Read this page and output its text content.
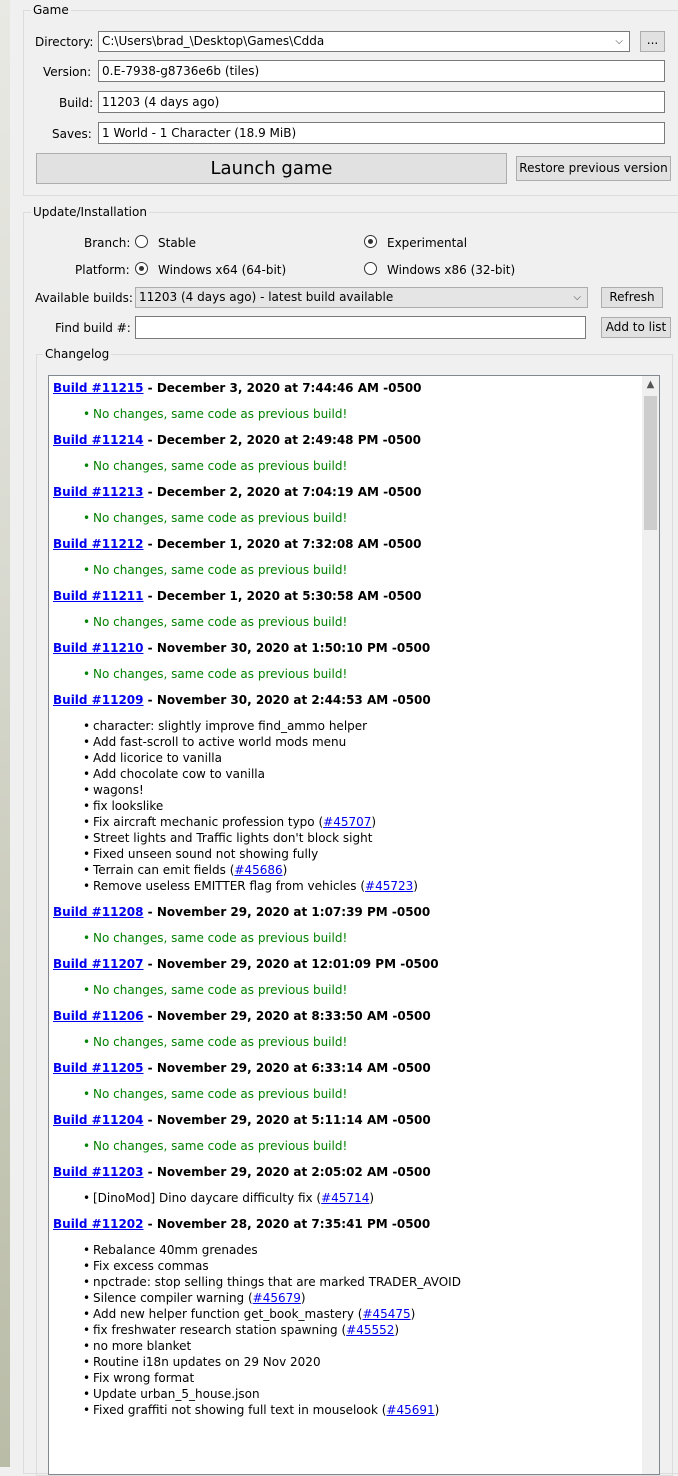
Game
Directory: C:\Users\brad_\Desktop\Games\Cdda	⌵	...
Version: 0.E-7938-g8736e6b (tiles)
Build: 11203 (4 days ago)
Saves: 1 World - 1 Character (18.9 MiB)
Launch game	Restore previous version
Update/Installation
Branch: Stable	Experimental
Platform: Windows x64 (64-bit)	Windows x86 (32-bit)
Available builds: 11203 (4 days ago) - latest build available	⌵	Refresh
Find build #:	Add to list
Changelog
Build #11215 - December 3, 2020 at 7:44:46 AM -0500
• No changes, same code as previous build!
Build #11214 - December 2, 2020 at 2:49:48 PM -0500
• No changes, same code as previous build!
Build #11213 - December 2, 2020 at 7:04:19 AM -0500
• No changes, same code as previous build!
Build #11212 - December 1, 2020 at 7:32:08 AM -0500
• No changes, same code as previous build!
Build #11211 - December 1, 2020 at 5:30:58 AM -0500
• No changes, same code as previous build!
Build #11210 - November 30, 2020 at 1:50:10 PM -0500
• No changes, same code as previous build!
Build #11209 - November 30, 2020 at 2:44:53 AM -0500
• character: slightly improve find_ammo helper
• Add fast-scroll to active world mods menu
• Add licorice to vanilla
• Add chocolate cow to vanilla
• wagons!
• fix lookslike
• Fix aircraft mechanic profession typo (#45707)
• Street lights and Traffic lights don't block sight
• Fixed unseen sound not showing fully
• Terrain can emit fields (#45686)
• Remove useless EMITTER flag from vehicles (#45723)
Build #11208 - November 29, 2020 at 1:07:39 PM -0500
• No changes, same code as previous build!
Build #11207 - November 29, 2020 at 12:01:09 PM -0500
• No changes, same code as previous build!
Build #11206 - November 29, 2020 at 8:33:50 AM -0500
• No changes, same code as previous build!
Build #11205 - November 29, 2020 at 6:33:14 AM -0500
• No changes, same code as previous build!
Build #11204 - November 29, 2020 at 5:11:14 AM -0500
• No changes, same code as previous build!
Build #11203 - November 29, 2020 at 2:05:02 AM -0500
• [DinoMod] Dino daycare difficulty fix (#45714)
Build #11202 - November 28, 2020 at 7:35:41 PM -0500
• Rebalance 40mm grenades
• Fix excess commas
• npctrade: stop selling things that are marked TRADER_AVOID
• Silence compiler warning (#45679)
• Add new helper function get_book_mastery (#45475)
• fix freshwater research station spawning (#45552)
• no more blanket
• Routine i18n updates on 29 Nov 2020
• Fix wrong format
• Update urban_5_house.json
• Fixed graffiti not showing full text in mouselook (#45691)
▲
